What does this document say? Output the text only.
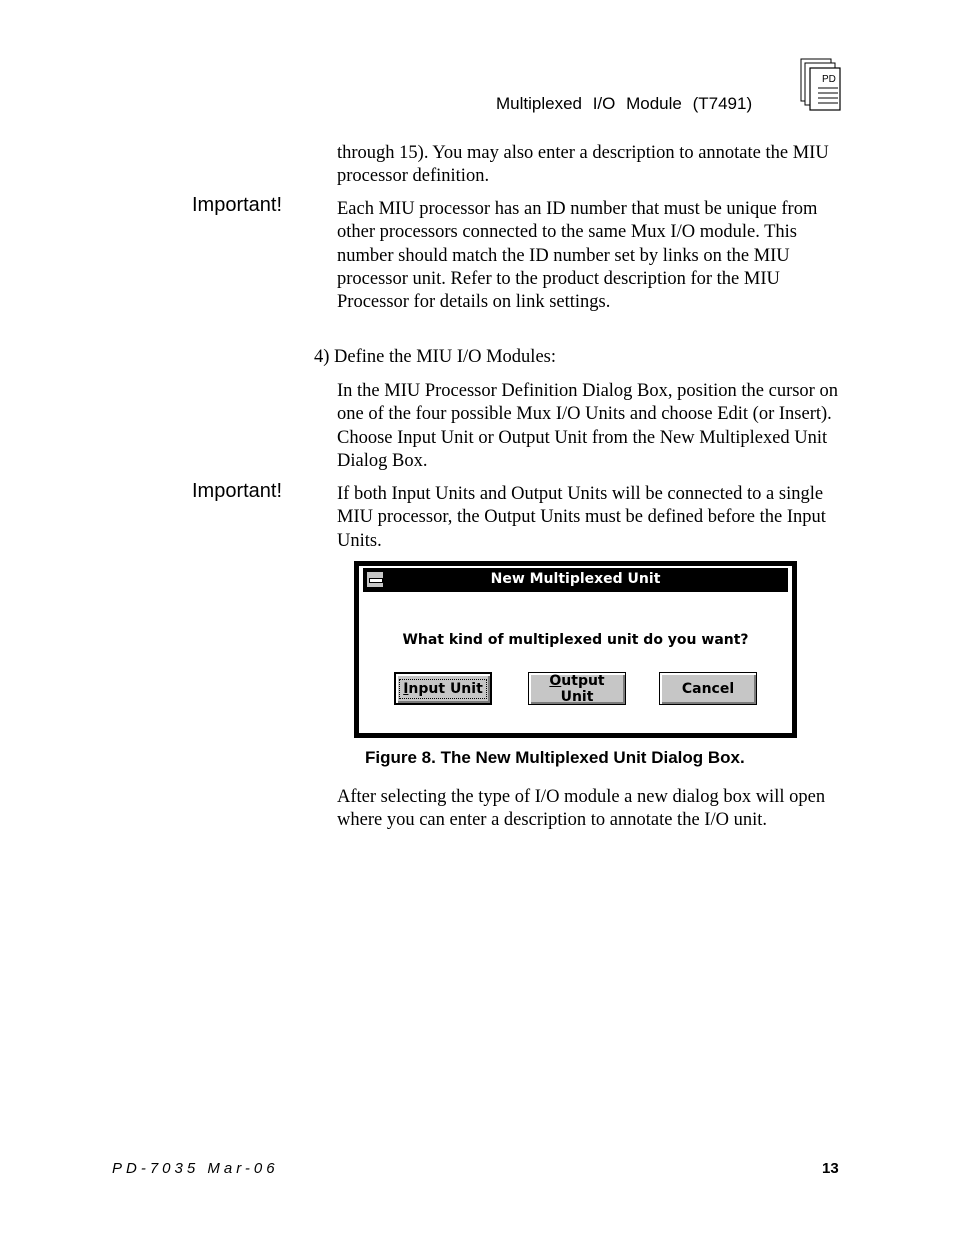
Multiplexed I/O Module (T7491)
PD
through 15). You may also enter a description to annotate the MIU processor definition.
Important!	Each MIU processor has an ID number that must be unique from other processors connected to the same Mux I/O module. This number should match the ID number set by links on the MIU processor unit. Refer to the product description for the MIU Processor for details on link settings.
4) Define the MIU I/O Modules:
In the MIU Processor Definition Dialog Box, position the cursor on one of the four possible Mux I/O Units and choose Edit (or Insert). Choose Input Unit or Output Unit from the New Multiplexed Unit Dialog Box.
Important!	If both Input Units and Output Units will be connected to a single MIU processor, the Output Units must be defined before the Input Units.
New Multiplexed Unit
What kind of multiplexed unit do you want?
Input Unit	Output Unit	Cancel
Figure 8. The New Multiplexed Unit Dialog Box.
After selecting the type of I/O module a new dialog box will open where you can enter a description to annotate the I/O unit.
PD-7035 Mar-06	13
